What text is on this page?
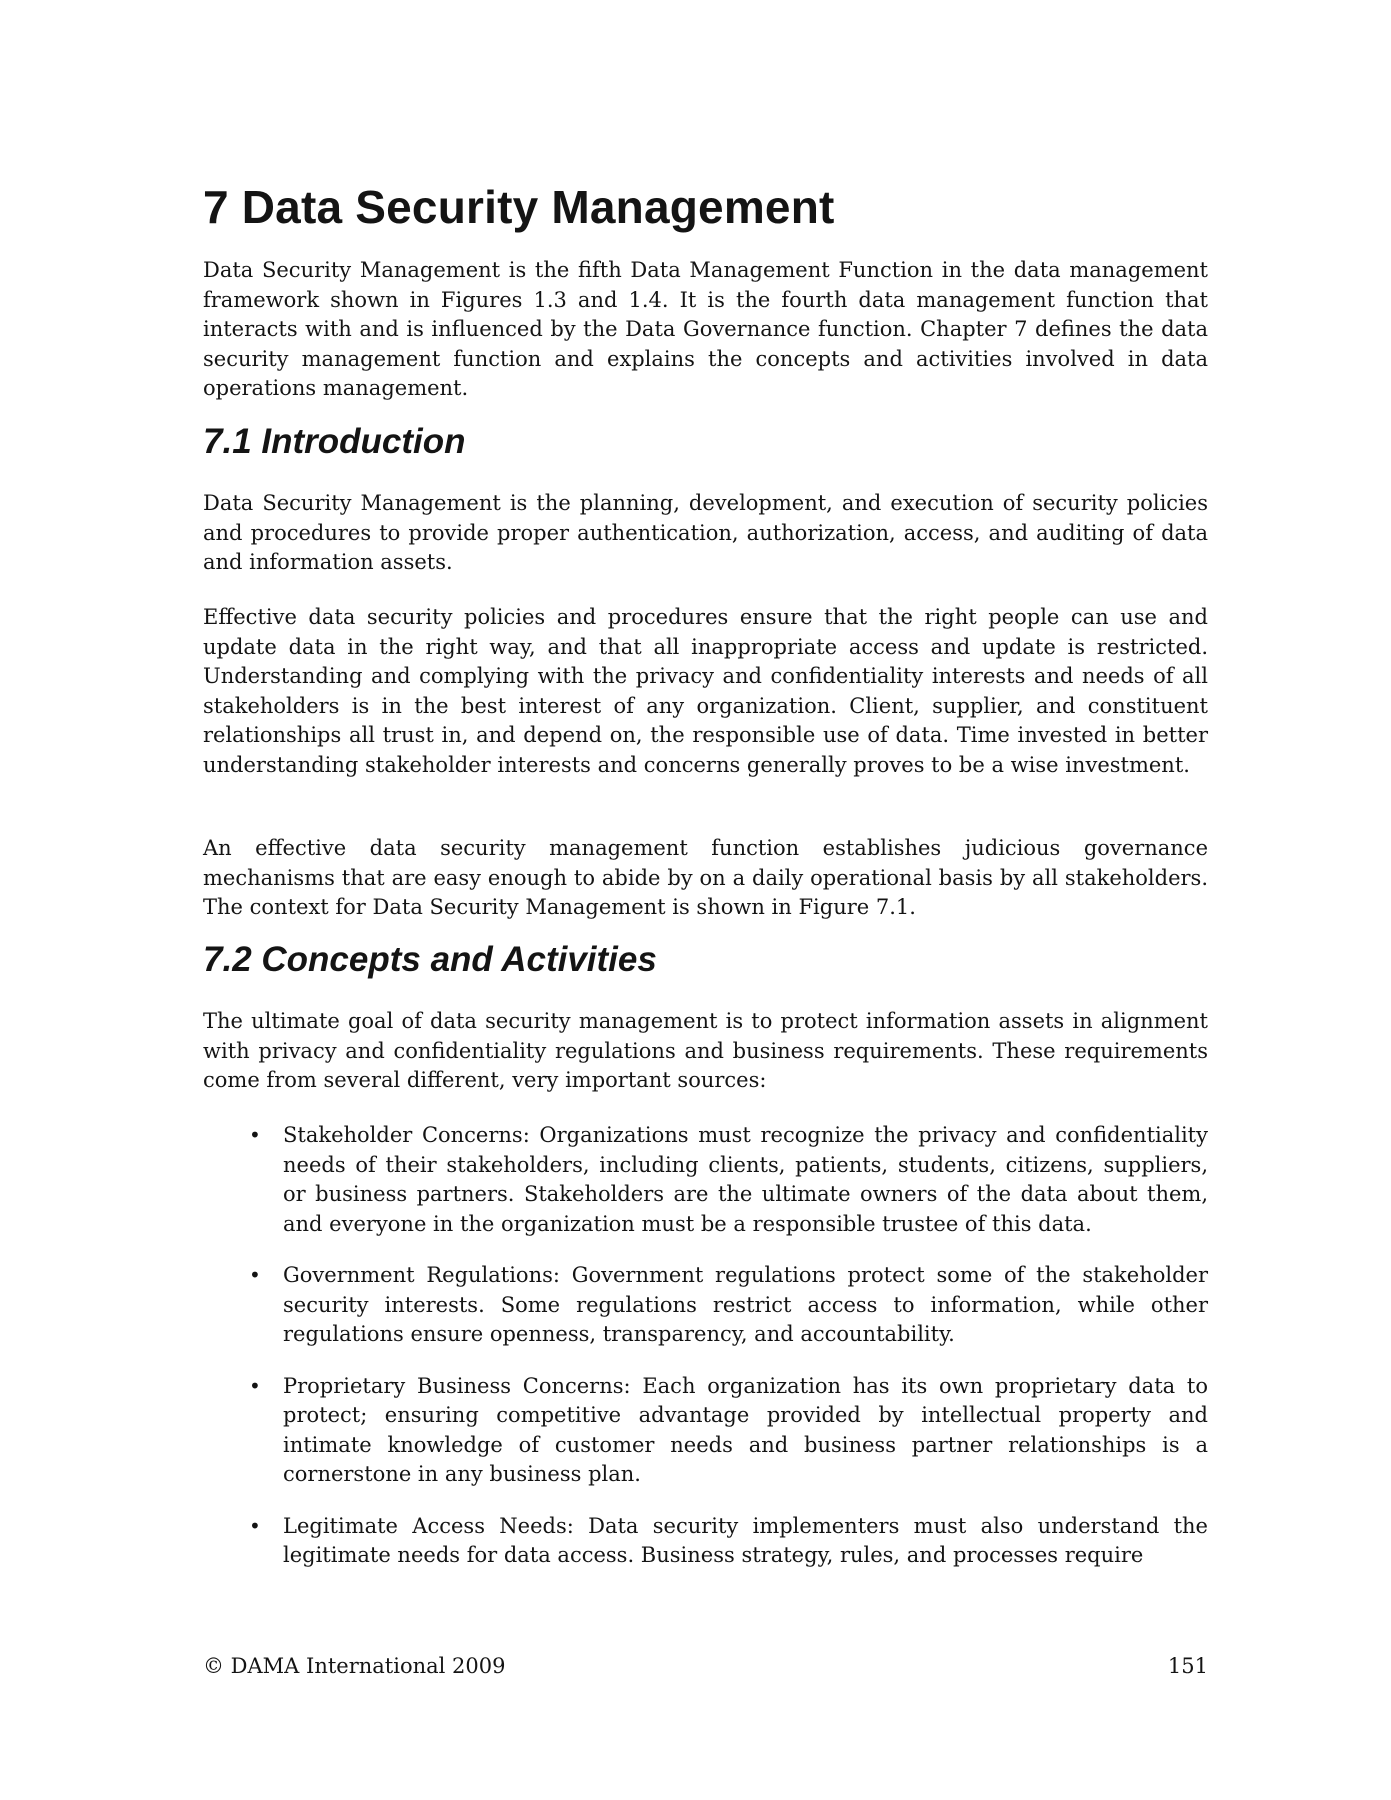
7 Data Security Management

Data Security Management is the fifth Data Management Function in the data management framework shown in Figures 1.3 and 1.4. It is the fourth data management function that interacts with and is influenced by the Data Governance function. Chapter 7 defines the data security management function and explains the concepts and activities involved in data operations management.

7.1 Introduction

Data Security Management is the planning, development, and execution of security policies and procedures to provide proper authentication, authorization, access, and auditing of data and information assets.

Effective data security policies and procedures ensure that the right people can use and update data in the right way, and that all inappropriate access and update is restricted. Understanding and complying with the privacy and confidentiality interests and needs of all stakeholders is in the best interest of any organization. Client, supplier, and constituent relationships all trust in, and depend on, the responsible use of data. Time invested in better understanding stakeholder interests and concerns generally proves to be a wise investment.

An effective data security management function establishes judicious governance mechanisms that are easy enough to abide by on a daily operational basis by all stakeholders. The context for Data Security Management is shown in Figure 7.1.

7.2 Concepts and Activities

The ultimate goal of data security management is to protect information assets in alignment with privacy and confidentiality regulations and business requirements. These requirements come from several different, very important sources:

• Stakeholder Concerns: Organizations must recognize the privacy and confidentiality needs of their stakeholders, including clients, patients, students, citizens, suppliers, or business partners. Stakeholders are the ultimate owners of the data about them, and everyone in the organization must be a responsible trustee of this data.

• Government Regulations: Government regulations protect some of the stakeholder security interests. Some regulations restrict access to information, while other regulations ensure openness, transparency, and accountability.

• Proprietary Business Concerns: Each organization has its own proprietary data to protect; ensuring competitive advantage provided by intellectual property and intimate knowledge of customer needs and business partner relationships is a cornerstone in any business plan.

• Legitimate Access Needs: Data security implementers must also understand the legitimate needs for data access. Business strategy, rules, and processes require

© DAMA International 2009	151
